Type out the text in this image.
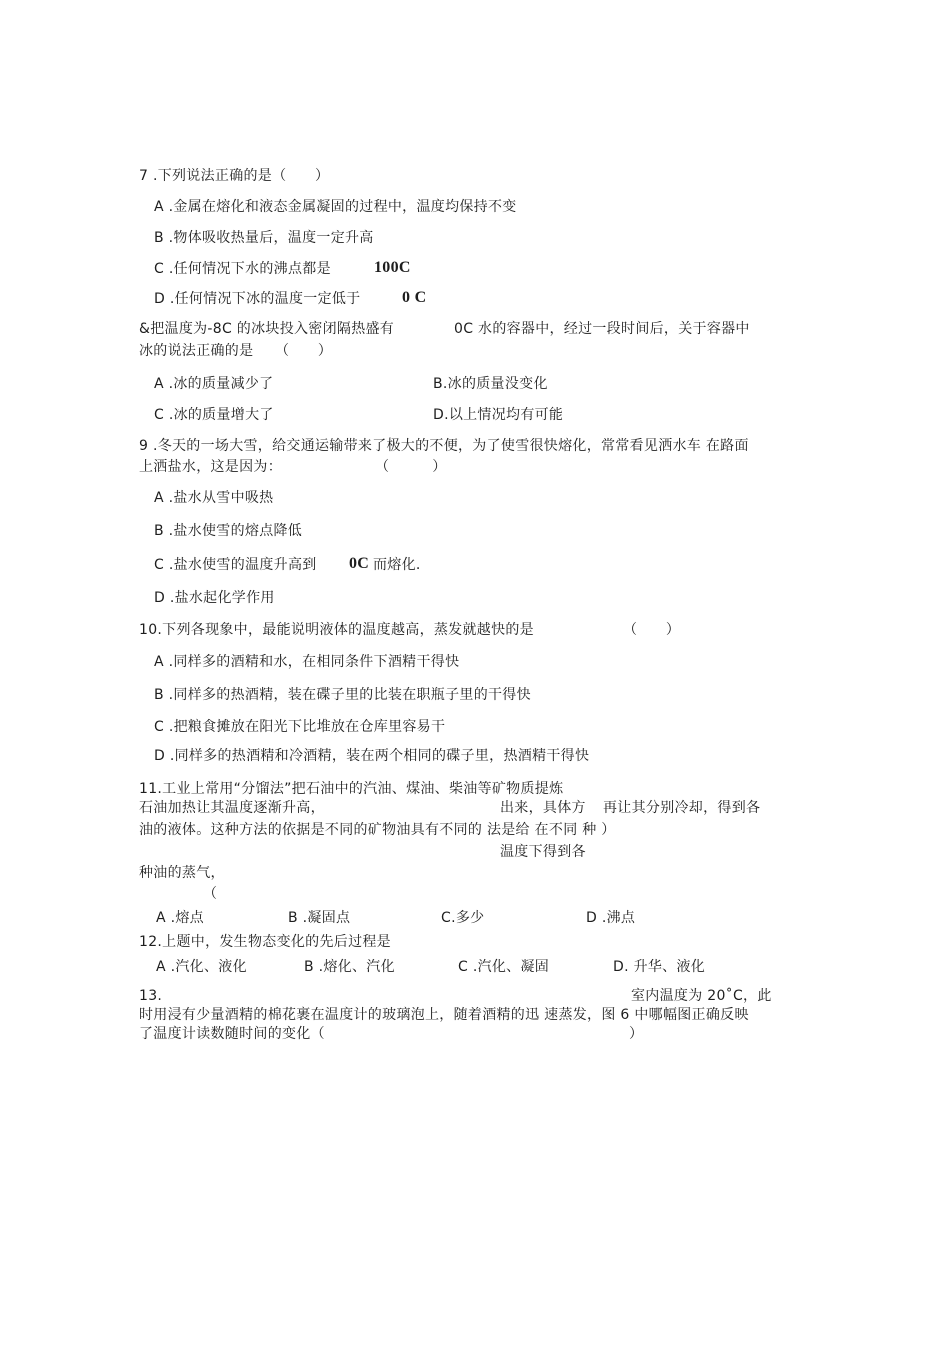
7 .下列说法正确的是（　　）
A .金属在熔化和液态金属凝固的过程中，温度均保持不变
B .物体吸收热量后，温度一定升高
C .任何情况下水的沸点都是	100C
D .任何情况下冰的温度一定低于	0 C
&把温度为-8C 的冰块投入密闭隔热盛有	0C 水的容器中，经过一段时间后，关于容器中
冰的说法正确的是　　（　　）
A .冰的质量减少了	B.冰的质量没变化
C .冰的质量增大了	D.以上情况均有可能
9 .冬天的一场大雪，给交通运输带来了极大的不便，为了使雪很快熔化，常常看见洒水车 在路面
上洒盐水，这是因为：	（　　　）
A .盐水从雪中吸热
B .盐水使雪的熔点降低
C .盐水使雪的温度升高到 0C 而熔化.
D .盐水起化学作用
10.下列各现象中，最能说明液体的温度越高，蒸发就越快的是	（　　）
A .同样多的酒精和水，在相同条件下酒精干得快
B .同样多的热酒精，装在碟子里的比装在职瓶子里的干得快
C .把粮食摊放在阳光下比堆放在仓库里容易干
D .同样多的热酒精和冷酒精，装在两个相同的碟子里，热酒精干得快
11.工业上常用“分馏法”把石油中的汽油、煤油、柴油等矿物质提炼
石油加热让其温度逐渐升高，	出来，具体方 再让其分别冷却，得到各
油的液体。这种方法的依据是不同的矿物油具有不同的 法是给 在不同 种 ）
温度下得到各
种油的蒸气，
（
A .熔点	B .凝固点	C.多少	D .沸点
12.上题中，发生物态变化的先后过程是
A .汽化、液化	B .熔化、汽化	C .汽化、凝固	D. 升华、液化
13.	室内温度为 20˚C，此
时用浸有少量酒精的棉花裹在温度计的玻璃泡上，随着酒精的迅 速蒸发，图 6 中哪幅图正确反映
了温度计读数随时间的变化（	）
